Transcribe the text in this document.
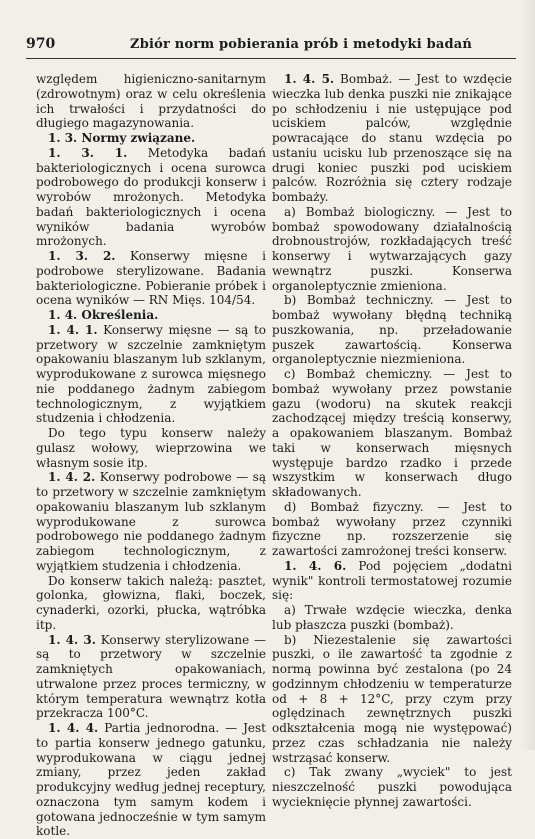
970	Zbiór norm pobierania prób i metodyki badań

względem higieniczno-sanitarnym (zdrowotnym) oraz w celu określenia ich trwałości i przydatności do długiego magazynowania.

1. 3. Normy związane.

1. 3. 1. Metodyka badań bakteriologicznych i ocena surowca podrobowego do produkcji konserw i wyrobów mrożonych. Metodyka badań bakteriologicznych i ocena wyników badania wyrobów mrożonych.

1. 3. 2. Konserwy mięsne i podrobowe sterylizowane. Badania bakteriologiczne. Pobieranie próbek i ocena wyników — RN Mięs. 104/54.

1. 4. Określenia.

1. 4. 1. Konserwy mięsne — są to przetwory w szczelnie zamkniętym opakowaniu blaszanym lub szklanym, wyprodukowane z surowca mięsnego nie poddanego żadnym zabiegom technologicznym, z wyjątkiem studzenia i chłodzenia.

Do tego typu konserw należy gulasz wołowy, wieprzowina we własnym sosie itp.

1. 4. 2. Konserwy podrobowe — są to przetwory w szczelnie zamkniętym opakowaniu blaszanym lub szklanym wyprodukowane z surowca podrobowego nie poddanego żadnym zabiegom technologicznym, z wyjątkiem studzenia i chłodzenia.

Do konserw takich należą: pasztet, golonka, głowizna, flaki, boczek, cynaderki, ozorki, płucka, wątróbka itp.

1. 4. 3. Konserwy sterylizowane — są to przetwory w szczelnie zamkniętych opakowaniach, utrwalone przez proces termiczny, w którym temperatura wewnątrz kotła przekracza 100°C.

1. 4. 4. Partia jednorodna. — Jest to partia konserw jednego gatunku, wyprodukowana w ciągu jednej zmiany, przez jeden zakład produkcyjny według jednej receptury, oznaczona tym samym kodem i gotowana jednocześnie w tym samym kotle.

1. 4. 5. Bombaż. — Jest to wzdęcie wieczka lub denka puszki nie znikające po schłodzeniu i nie ustępujące pod uciskiem palców, względnie powracające do stanu wzdęcia po ustaniu ucisku lub przenoszące się na drugi koniec puszki pod uciskiem palców. Rozróżnia się cztery rodzaje bombaży.

a) Bombaż biologiczny. — Jest to bombaż spowodowany działalnością drobnoustrojów, rozkładających treść konserwy i wytwarzających gazy wewnątrz puszki. Konserwa organoleptycznie zmieniona.

b) Bombaż techniczny. — Jest to bombaż wywołany błędną techniką puszkowania, np. przeładowanie puszek zawartością. Konserwa organoleptycznie niezmieniona.

c) Bombaż chemiczny. — Jest to bombaż wywołany przez powstanie gazu (wodoru) na skutek reakcji zachodzącej między treścią konserwy, a opakowaniem blaszanym. Bombaż taki w konserwach mięsnych występuje bardzo rzadko i przede wszystkim w konserwach długo składowanych.

d) Bombaż fizyczny. — Jest to bombaż wywołany przez czynniki fizyczne np. rozszerzenie się zawartości zamrożonej treści konserw.

1. 4. 6. Pod pojęciem „dodatni wynik" kontroli termostatowej rozumie się:

a) Trwałe wzdęcie wieczka, denka lub płaszcza puszki (bombaż).

b) Niezestalenie się zawartości puszki, o ile zawartość ta zgodnie z normą powinna być zestalona (po 24 godzinnym chłodzeniu w temperaturze od + 8 + 12°C, przy czym przy oględzinach zewnętrznych puszki odkształcenia mogą nie występować) przez czas schładzania nie należy wstrząsać konserw.

c) Tak zwany „wyciek" to jest nieszczelność puszki powodująca wycieknięcie płynnej zawartości.
